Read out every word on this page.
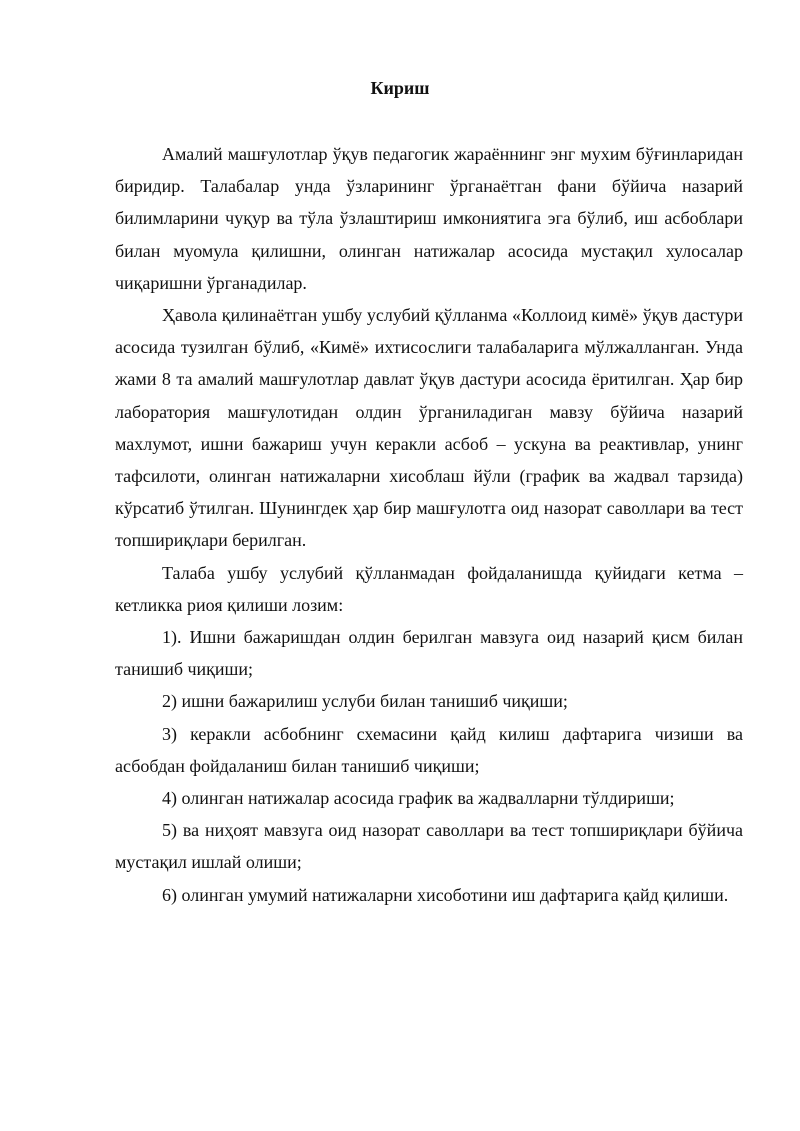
Кириш

Амалий машғулотлар ўқув педагогик жараённинг энг мухим бўғинларидан биридир. Талабалар унда ўзларининг ўрганаётган фани бўйича назарий билимларини чуқур ва тўла ўзлаштириш имкониятига эга бўлиб, иш асбоблари билан муомула қилишни, олинган натижалар асосида мустақил хулосалар чиқаришни ўрганадилар.

Ҳавола қилинаётган ушбу услубий қўлланма «Коллоид кимё» ўқув дастури асосида тузилган бўлиб, «Кимё» ихтисослиги талабаларига мўлжалланган. Унда жами 8 та амалий машғулотлар давлат ўқув дастури асосида ёритилган. Ҳар бир лаборатория машғулотидан олдин ўрганиладиган мавзу бўйича назарий махлумот, ишни бажариш учун керакли асбоб – ускуна ва реактивлар, унинг тафсилоти, олинган натижаларни хисоблаш йўли (график ва жадвал тарзида) кўрсатиб ўтилган. Шунингдек ҳар бир машғулотга оид назорат саволлари ва тест топшириқлари берилган.

Талаба ушбу услубий қўлланмадан фойдаланишда қуйидаги кетма – кетликка риоя қилиши лозим:

1). Ишни бажаришдан олдин берилган мавзуга оид назарий қисм билан танишиб чиқиши;

2) ишни бажарилиш услуби билан танишиб чиқиши;

3) керакли асбобнинг схемасини қайд килиш дафтарига чизиши ва асбобдан фойдаланиш билан танишиб чиқиши;

4) олинган натижалар асосида график ва жадвалларни тўлдириши;

5) ва ниҳоят мавзуга оид назорат саволлари ва тест топшириқлари бўйича мустақил ишлай олиши;

6) олинган умумий натижаларни хисоботини иш дафтарига қайд қилиши.
